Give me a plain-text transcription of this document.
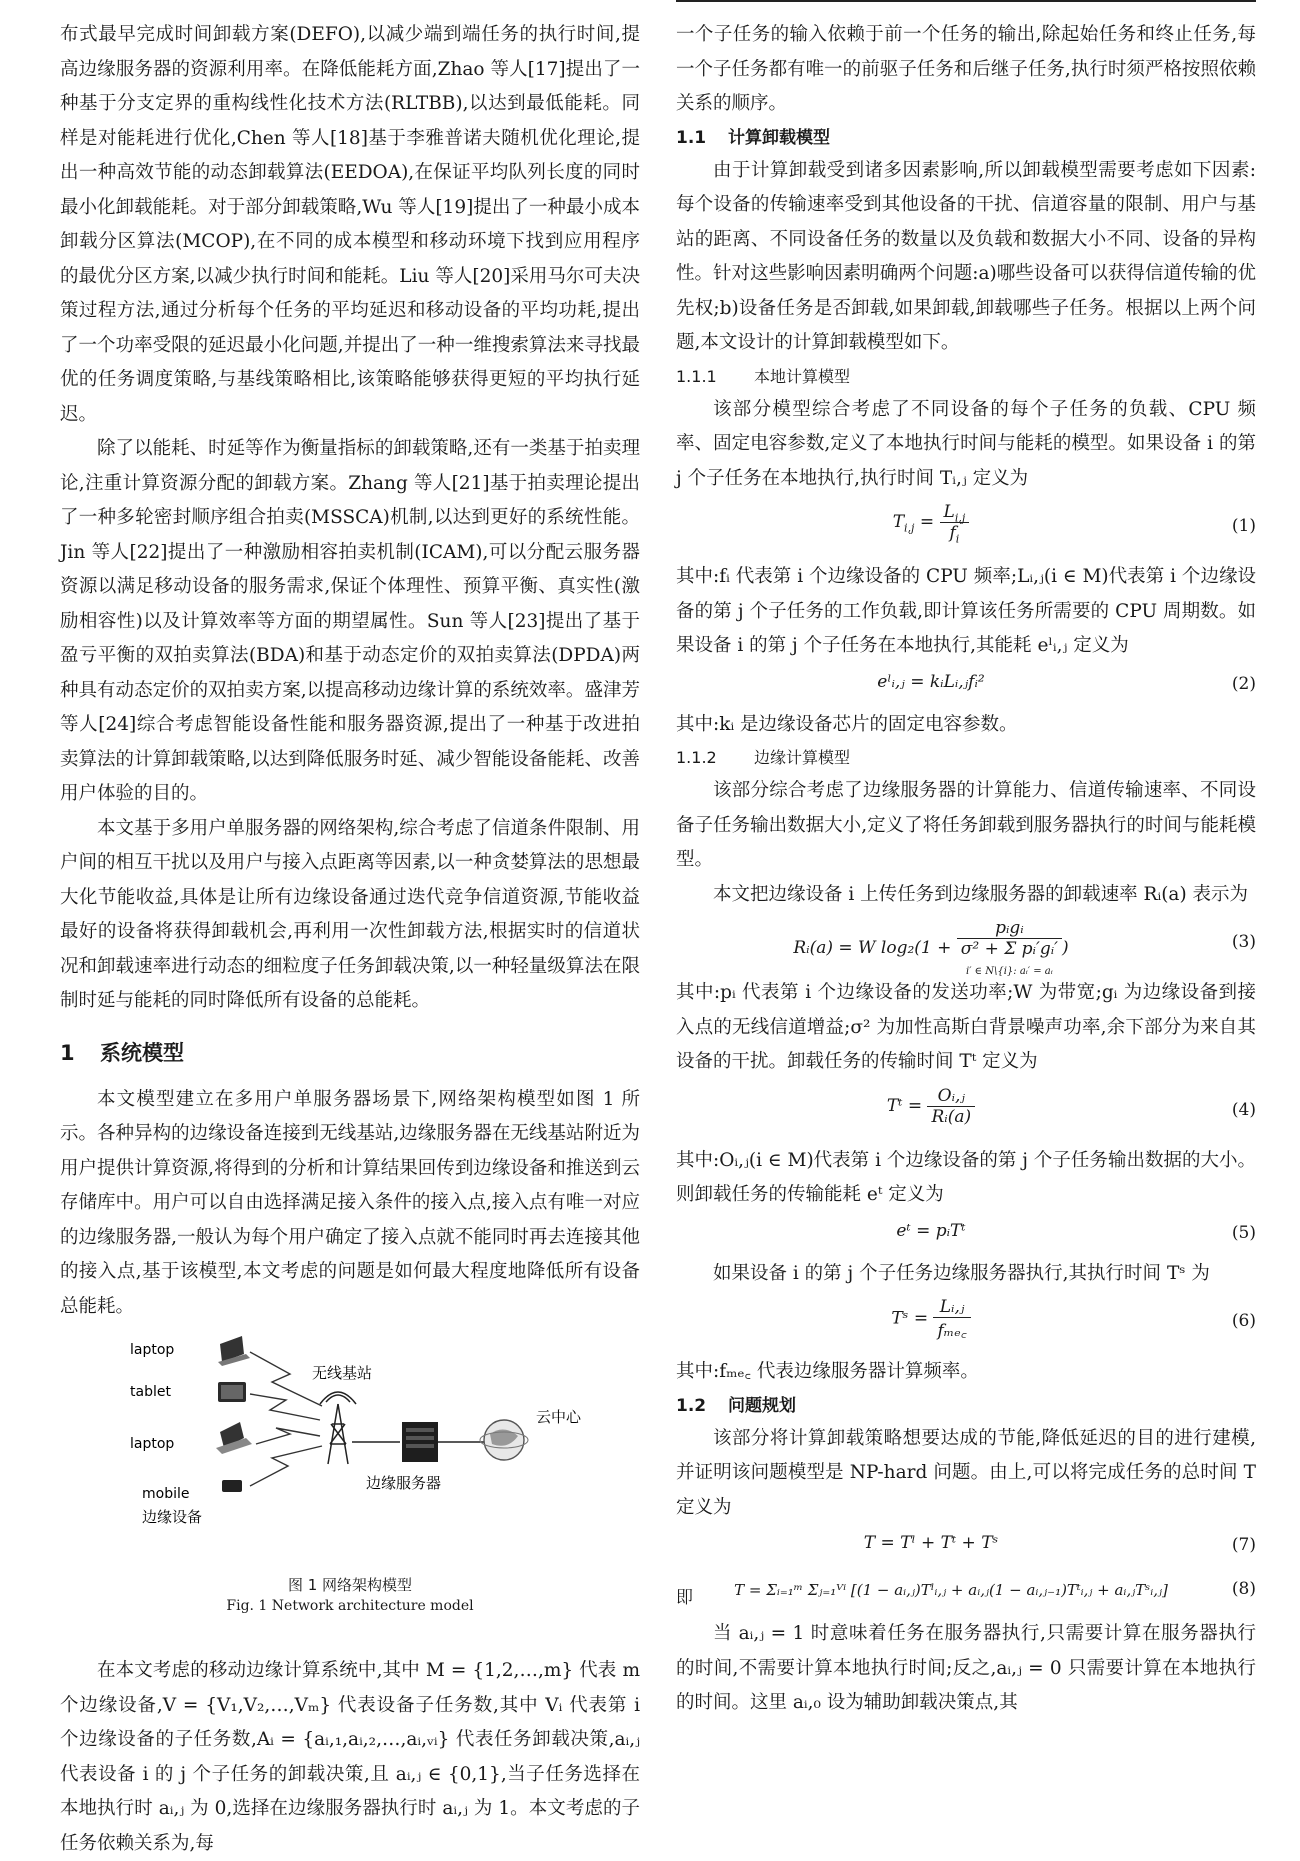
布式最早完成时间卸载方案(DEFO),以减少端到端任务的执行时间,提高边缘服务器的资源利用率。在降低能耗方面,Zhao 等人[17]提出了一种基于分支定界的重构线性化技术方法(RLTBB),以达到最低能耗。同样是对能耗进行优化,Chen 等人[18]基于李雅普诺夫随机优化理论,提出一种高效节能的动态卸载算法(EEDOA),在保证平均队列长度的同时最小化卸载能耗。对于部分卸载策略,Wu 等人[19]提出了一种最小成本卸载分区算法(MCOP),在不同的成本模型和移动环境下找到应用程序的最优分区方案,以减少执行时间和能耗。Liu 等人[20]采用马尔可夫决策过程方法,通过分析每个任务的平均延迟和移动设备的平均功耗,提出了一个功率受限的延迟最小化问题,并提出了一种一维搜索算法来寻找最优的任务调度策略,与基线策略相比,该策略能够获得更短的平均执行延迟。

除了以能耗、时延等作为衡量指标的卸载策略,还有一类基于拍卖理论,注重计算资源分配的卸载方案。Zhang 等人[21]基于拍卖理论提出了一种多轮密封顺序组合拍卖(MSSCA)机制,以达到更好的系统性能。Jin 等人[22]提出了一种激励相容拍卖机制(ICAM),可以分配云服务器资源以满足移动设备的服务需求,保证个体理性、预算平衡、真实性(激励相容性)以及计算效率等方面的期望属性。Sun 等人[23]提出了基于盈亏平衡的双拍卖算法(BDA)和基于动态定价的双拍卖算法(DPDA)两种具有动态定价的双拍卖方案,以提高移动边缘计算的系统效率。盛津芳等人[24]综合考虑智能设备性能和服务器资源,提出了一种基于改进拍卖算法的计算卸载策略,以达到降低服务时延、减少智能设备能耗、改善用户体验的目的。

本文基于多用户单服务器的网络架构,综合考虑了信道条件限制、用户间的相互干扰以及用户与接入点距离等因素,以一种贪婪算法的思想最大化节能收益,具体是让所有边缘设备通过迭代竞争信道资源,节能收益最好的设备将获得卸载机会,再利用一次性卸载方法,根据实时的信道状况和卸载速率进行动态的细粒度子任务卸载决策,以一种轻量级算法在限制时延与能耗的同时降低所有设备的总能耗。

1 系统模型

本文模型建立在多用户单服务器场景下,网络架构模型如图 1 所示。各种异构的边缘设备连接到无线基站,边缘服务器在无线基站附近为用户提供计算资源,将得到的分析和计算结果回传到边缘设备和推送到云存储库中。用户可以自由选择满足接入条件的接入点,接入点有唯一对应的边缘服务器,一般认为每个用户确定了接入点就不能同时再去连接其他的接入点,基于该模型,本文考虑的问题是如何最大程度地降低所有设备总能耗。

laptop
tablet
laptop
mobile
边缘设备
无线基站
边缘服务器
云中心
图 1 网络架构模型
Fig. 1 Network architecture model

在本文考虑的移动边缘计算系统中,其中 M = {1,2,…,m} 代表 m 个边缘设备,V = {V₁,V₂,…,Vₘ} 代表设备子任务数,其中 Vᵢ 代表第 i 个边缘设备的子任务数,Aᵢ = {aᵢ,₁,aᵢ,₂,…,aᵢ,ᵥᵢ} 代表任务卸载决策,aᵢ,ⱼ 代表设备 i 的 j 个子任务的卸载决策,且 aᵢ,ⱼ ∈ {0,1},当子任务选择在本地执行时 aᵢ,ⱼ 为 0,选择在边缘服务器执行时 aᵢ,ⱼ 为 1。本文考虑的子任务依赖关系为,每

一个子任务的输入依赖于前一个任务的输出,除起始任务和终止任务,每一个子任务都有唯一的前驱子任务和后继子任务,执行时须严格按照依赖关系的顺序。

1.1 计算卸载模型

由于计算卸载受到诸多因素影响,所以卸载模型需要考虑如下因素:每个设备的传输速率受到其他设备的干扰、信道容量的限制、用户与基站的距离、不同设备任务的数量以及负载和数据大小不同、设备的异构性。针对这些影响因素明确两个问题:a)哪些设备可以获得信道传输的优先权;b)设备任务是否卸载,如果卸载,卸载哪些子任务。根据以上两个问题,本文设计的计算卸载模型如下。

1.1.1 本地计算模型

该部分模型综合考虑了不同设备的每个子任务的负载、CPU 频率、固定电容参数,定义了本地执行时间与能耗的模型。如果设备 i 的第 j 个子任务在本地执行,执行时间 Tᵢ,ⱼ 定义为

$T_{i,j} = \frac{L_{i,j}}{f_i}$	(1)

其中:fᵢ 代表第 i 个边缘设备的 CPU 频率;Lᵢ,ⱼ(i ∈ M)代表第 i 个边缘设备的第 j 个子任务的工作负载,即计算该任务所需要的 CPU 周期数。如果设备 i 的第 j 个子任务在本地执行,其能耗 eˡᵢ,ⱼ 定义为

eˡᵢ,ⱼ = kᵢLᵢ,ⱼfᵢ²	(2)

其中:kᵢ 是边缘设备芯片的固定电容参数。

1.1.2 边缘计算模型

该部分综合考虑了边缘服务器的计算能力、信道传输速率、不同设备子任务输出数据大小,定义了将任务卸载到服务器执行的时间与能耗模型。

本文把边缘设备 i 上传任务到边缘服务器的卸载速率 Rᵢ(a) 表示为

Rᵢ(a) = W log₂(1 +
pᵢgᵢ
σ² + Σ pᵢ′gᵢ′
i′ ∈ N\{i}: aᵢ′ = aᵢ
)	(3)

其中:pᵢ 代表第 i 个边缘设备的发送功率;W 为带宽;gᵢ 为边缘设备到接入点的无线信道增益;σ² 为加性高斯白背景噪声功率,余下部分为来自其设备的干扰。卸载任务的传输时间 Tᵗ 定义为

Tᵗ = $\frac{\text{Oᵢ,ⱼ}}{\text{Rᵢ(a)}}$	(4)

其中:Oᵢ,ⱼ(i ∈ M)代表第 i 个边缘设备的第 j 个子任务输出数据的大小。则卸载任务的传输能耗 eᵗ 定义为

eᵗ = pᵢTᵗ	(5)

如果设备 i 的第 j 个子任务边缘服务器执行,其执行时间 Tˢ 为

Tˢ = $\frac{\text{Lᵢ,ⱼ}}{\text{fₘₑ꜀}}$	(6)

其中:fₘₑ꜀ 代表边缘服务器计算频率。

1.2 问题规划

该部分将计算卸载策略想要达成的节能,降低延迟的目的进行建模,并证明该问题模型是 NP-hard 问题。由上,可以将完成任务的总时间 T 定义为

T = Tˡ + Tᵗ + Tˢ	(7)
即	T = Σᵢ₌₁ᵐ Σⱼ₌₁ⱽⁱ [(1 − aᵢ,ⱼ)Tˡᵢ,ⱼ + aᵢ,ⱼ(1 − aᵢ,ⱼ₋₁)Tᵗᵢ,ⱼ + aᵢ,ⱼTˢᵢ,ⱼ]	(8)

当 aᵢ,ⱼ = 1 时意味着任务在服务器执行,只需要计算在服务器执行的时间,不需要计算本地执行时间;反之,aᵢ,ⱼ = 0 只需要计算在本地执行的时间。这里 aᵢ,₀ 设为辅助卸载决策点,其
